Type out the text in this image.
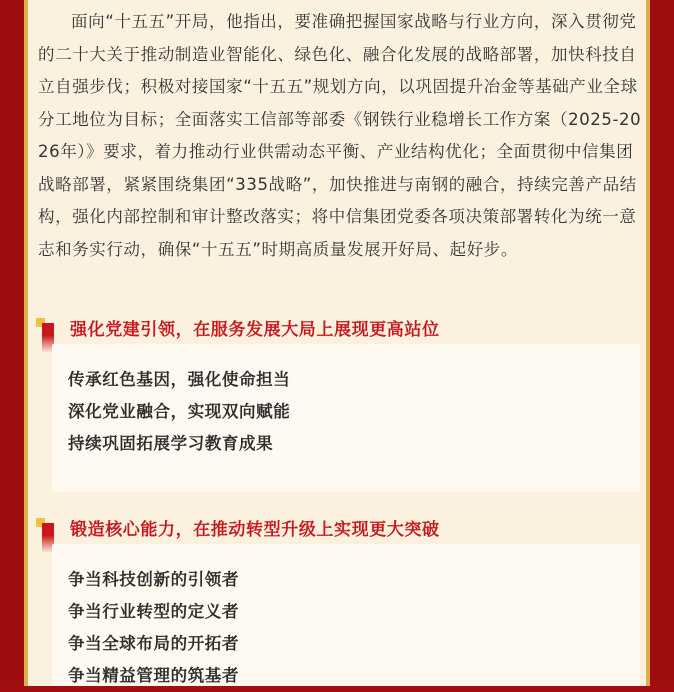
面向“十五五”开局，他指出，要准确把握国家战略与行业方向，深入贯彻党的二十大关于推动制造业智能化、绿色化、融合化发展的战略部署，加快科技自立自强步伐；积极对接国家“十五五”规划方向，以巩固提升冶金等基础产业全球分工地位为目标；全面落实工信部等部委《钢铁行业稳增长工作方案（2025-2026年）》要求，着力推动行业供需动态平衡、产业结构优化；全面贯彻中信集团战略部署，紧紧围绕集团“335战略”，加快推进与南钢的融合，持续完善产品结构，强化内部控制和审计整改落实；将中信集团党委各项决策部署转化为统一意志和务实行动，确保“十五五”时期高质量发展开好局、起好步。

强化党建引领，在服务发展大局上展现更高站位
传承红色基因，强化使命担当
深化党业融合，实现双向赋能
持续巩固拓展学习教育成果
锻造核心能力，在推动转型升级上实现更大突破
争当科技创新的引领者
争当行业转型的定义者
争当全球布局的开拓者
争当精益管理的筑基者
